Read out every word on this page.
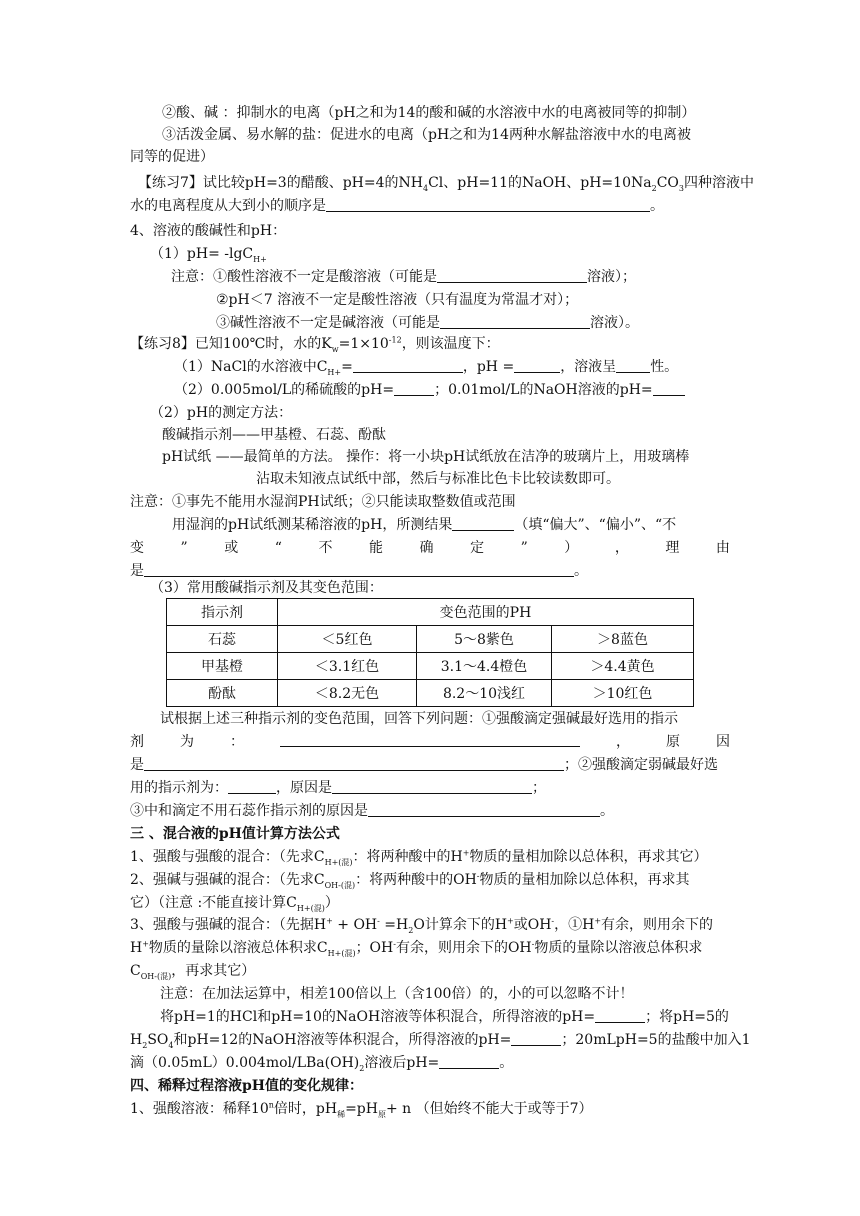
②酸、碱 ：抑制水的电离（pH之和为14的酸和碱的水溶液中水的电离被同等的抑制）
③活泼金属、易水解的盐：促进水的电离（pH之和为14两种水解盐溶液中水的电离被
同等的促进）
【练习7】试比较pH=3的醋酸、pH=4的$NH_4Cl$、pH=11的NaOH、$pH=10Na_2CO_3$四种溶液中
水的电离程度从大到小的顺序是	。
4、溶液的酸碱性和pH：
（1）pH= -lgC$_{H+}$
注意：①酸性溶液不一定是酸溶液（可能是	溶液）；
②pH＜7 溶液不一定是酸性溶液（只有温度为常温才对）；
③碱性溶液不一定是碱溶液（可能是	溶液）。
【练习8】已知100℃时，水的$K_w=1\times 10^{-12}$，则该温度下：
（1）NaCl的水溶液中$C_{H+}=$	，pH =	，溶液呈 性。
（2）0.005mol/L的稀硫酸的pH=	；0.01mol/L的NaOH溶液的pH=
（2）pH的测定方法：
酸碱指示剂——甲基橙、石蕊、酚酞
pH试纸 ——最简单的方法。 操作：将一小块pH试纸放在洁净的玻璃片上，用玻璃棒
沾取未知液点试纸中部，然后与标准比色卡比较读数即可。
注意：①事先不能用水湿润PH试纸；②只能读取整数值或范围
用湿润的pH试纸测某稀溶液的pH，所测结果	（填“偏大”、“偏小”、“不
变	”	或	“	不	能	确	定	”	）	，	理	由
是	。
（3）常用酸碱指示剂及其变色范围：
指示剂	变色范围的PH		
石蕊	＜5红色	5～8紫色	＞8蓝色
甲基橙	＜3.1红色	3.1～4.4橙色	＞4.4黄色
酚酞	＜8.2无色	8.2～10浅红	＞10红色
试根据上述三种指示剂的变色范围，回答下列问题：①强酸滴定强碱最好选用的指示
剂	为	：	，	原	因
是	；②强酸滴定弱碱最好选
用的指示剂为：	，原因是	；
③中和滴定不用石蕊作指示剂的原因是	。
三 、混合液的pH值计算方法公式
1、强酸与强酸的混合：（先求$C_{H+(混)}$：将两种酸中的H+物质的量相加除以总体积，再求其它）
2、强碱与强碱的混合：（先求$C_{OH-(混)}$：将两种酸中的OH-物质的量相加除以总体积，再求其
它）（注意 :不能直接计算$C_{H+(混)}$）
3、强酸与强碱的混合：（先据$H^+ + OH^- =H_2O$计算余下的H+或OH-，①H+有余，则用余下的
H+物质的量除以溶液总体积求$C_{H+(混)}$；OH-有余，则用余下的OH-物质的量除以溶液总体积求
$C_{OH-(混)}$，再求其它）
注意：在加法运算中，相差100倍以上（含100倍）的，小的可以忽略不计！
将pH=1的HCl和pH=10的NaOH溶液等体积混合，所得溶液的pH=	；将pH=5的
$H_2SO_4$和pH=12的NaOH溶液等体积混合，所得溶液的pH=	；20mLpH=5的盐酸中加入1
滴$(0.05mL)0.004mol/LBa(OH)_2$溶液后pH=	。
四、稀释过程溶液pH值的变化规律：
1、强酸溶液：稀释10$^n$倍时，$pH_稀=pH_原+ n$ （但始终不能大于或等于7）
